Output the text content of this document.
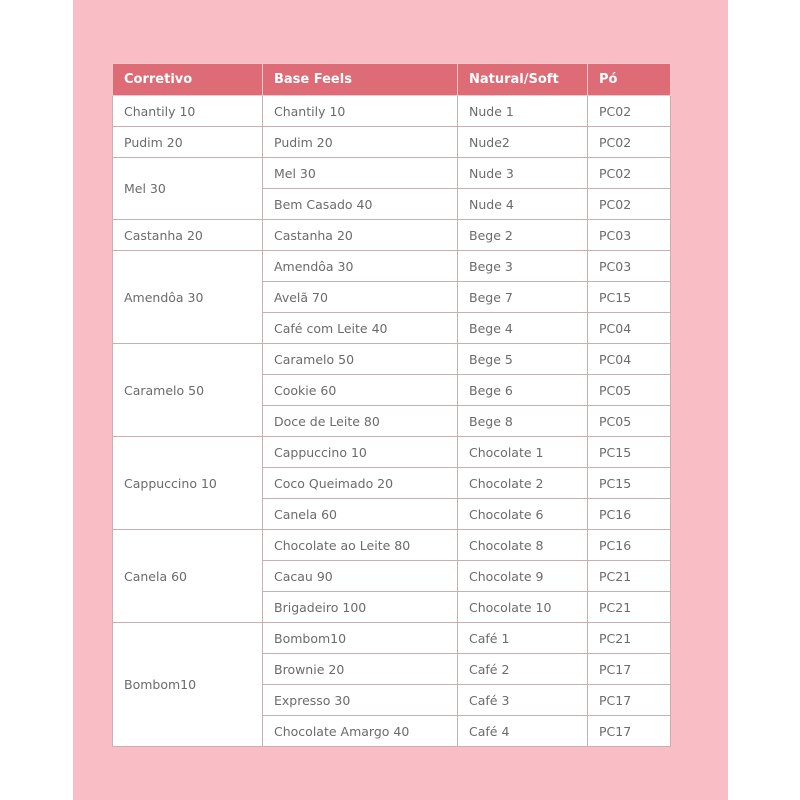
Corretivo	Base Feels	Natural/Soft	Pó
Chantily 10	Chantily 10	Nude 1	PC02
Pudim 20	Pudim 20	Nude2	PC02
Mel 30	Mel 30	Nude 3	PC02
	Bem Casado 40	Nude 4	PC02
Castanha 20	Castanha 20	Bege 2	PC03
Amendôa 30	Amendôa 30	Bege 3	PC03
	Avelã 70	Bege 7	PC15
	Café com Leite 40	Bege 4	PC04
Caramelo 50	Caramelo 50	Bege 5	PC04
	Cookie 60	Bege 6	PC05
	Doce de Leite 80	Bege 8	PC05
Cappuccino 10	Cappuccino 10	Chocolate 1	PC15
	Coco Queimado 20	Chocolate 2	PC15
	Canela 60	Chocolate 6	PC16
Canela 60	Chocolate ao Leite 80	Chocolate 8	PC16
	Cacau 90	Chocolate 9	PC21
	Brigadeiro 100	Chocolate 10	PC21
Bombom10	Bombom10	Café 1	PC21
	Brownie 20	Café 2	PC17
	Expresso 30	Café 3	PC17
	Chocolate Amargo 40	Café 4	PC17
